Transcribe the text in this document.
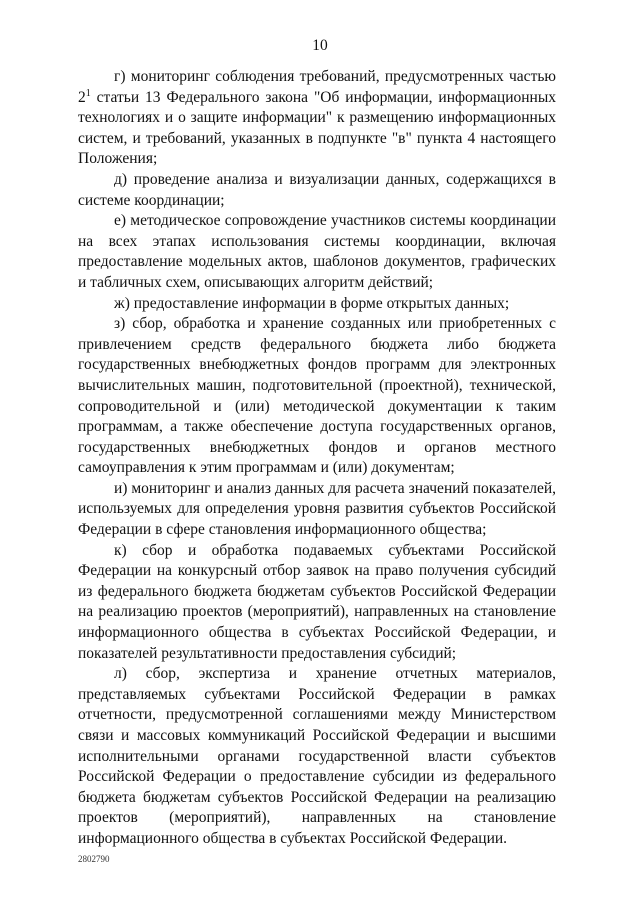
10

г) мониторинг соблюдения требований, предусмотренных частью $2^1$ статьи 13 Федерального закона "Об информации, информационных технологиях и о защите информации" к размещению информационных систем, и требований, указанных в подпункте "в" пункта 4 настоящего Положения;

д) проведение анализа и визуализации данных, содержащихся в системе координации;

е) методическое сопровождение участников системы координации на всех этапах использования системы координации, включая предоставление модельных актов, шаблонов документов, графических и табличных схем, описывающих алгоритм действий;

ж) предоставление информации в форме открытых данных;

з) сбор, обработка и хранение созданных или приобретенных с привлечением средств федерального бюджета либо бюджета государственных внебюджетных фондов программ для электронных вычислительных машин, подготовительной (проектной), технической, сопроводительной и (или) методической документации к таким программам, а также обеспечение доступа государственных органов, государственных внебюджетных фондов и органов местного самоуправления к этим программам и (или) документам;

и) мониторинг и анализ данных для расчета значений показателей, используемых для определения уровня развития субъектов Российской Федерации в сфере становления информационного общества;

к) сбор и обработка подаваемых субъектами Российской Федерации на конкурсный отбор заявок на право получения субсидий из федерального бюджета бюджетам субъектов Российской Федерации на реализацию проектов (мероприятий), направленных на становление информационного общества в субъектах Российской Федерации, и показателей результативности предоставления субсидий;

л) сбор, экспертиза и хранение отчетных материалов, представляемых субъектами Российской Федерации в рамках отчетности, предусмотренной соглашениями между Министерством связи и массовых коммуникаций Российской Федерации и высшими исполнительными органами государственной власти субъектов Российской Федерации о предоставление субсидии из федерального бюджета бюджетам субъектов Российской Федерации на реализацию проектов (мероприятий), направленных на становление информационного общества в субъектах Российской Федерации.

2802790
